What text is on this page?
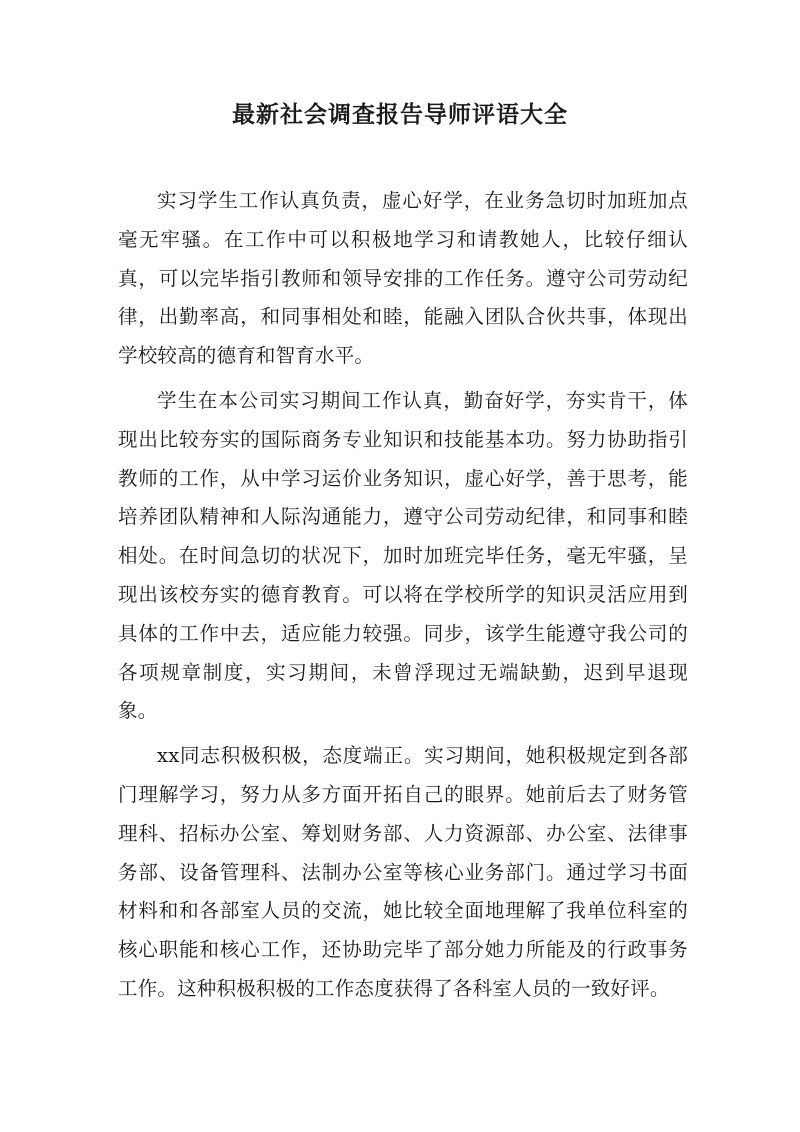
最新社会调查报告导师评语大全

实习学生工作认真负责，虚心好学，在业务急切时加班加点毫无牢骚。在工作中可以积极地学习和请教她人，比较仔细认真，可以完毕指引教师和领导安排的工作任务。遵守公司劳动纪律，出勤率高，和同事相处和睦，能融入团队合伙共事，体现出学校较高的德育和智育水平。

学生在本公司实习期间工作认真，勤奋好学，夯实肯干，体现出比较夯实的国际商务专业知识和技能基本功。努力协助指引教师的工作，从中学习运价业务知识，虚心好学，善于思考，能培养团队精神和人际沟通能力，遵守公司劳动纪律，和同事和睦相处。在时间急切的状况下，加时加班完毕任务，毫无牢骚，呈现出该校夯实的德育教育。可以将在学校所学的知识灵活应用到具体的工作中去，适应能力较强。同步，该学生能遵守我公司的各项规章制度，实习期间，未曾浮现过无端缺勤，迟到早退现象。

xx同志积极积极，态度端正。实习期间，她积极规定到各部门理解学习，努力从多方面开拓自己的眼界。她前后去了财务管理科、招标办公室、筹划财务部、人力资源部、办公室、法律事务部、设备管理科、法制办公室等核心业务部门。通过学习书面材料和和各部室人员的交流，她比较全面地理解了我单位科室的核心职能和核心工作，还协助完毕了部分她力所能及的行政事务工作。这种积极积极的工作态度获得了各科室人员的一致好评。
